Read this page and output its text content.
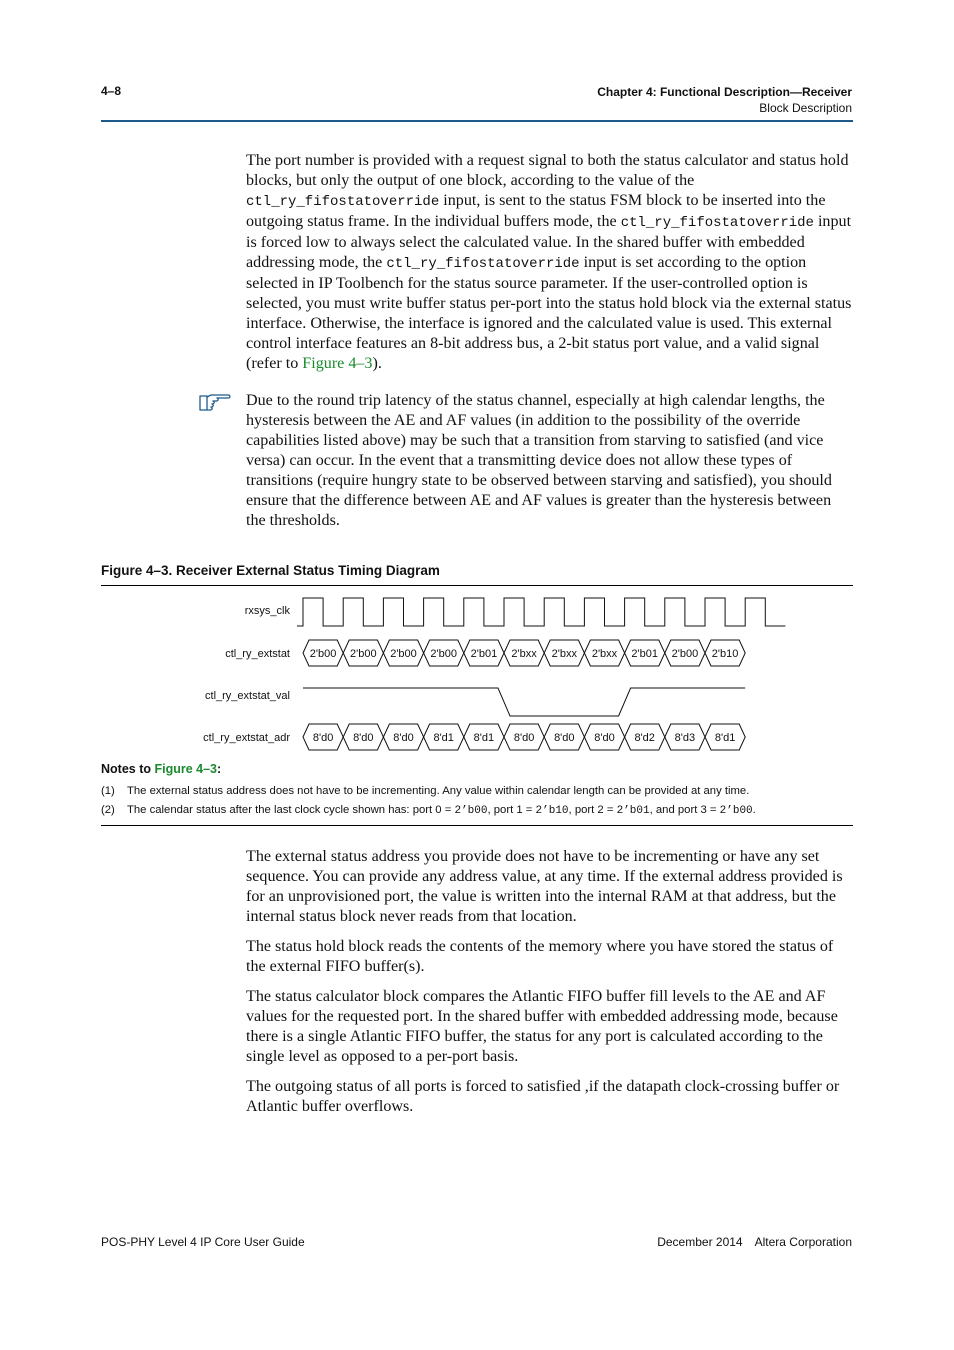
4–8	Chapter 4: Functional Description—Receiver
Block Description

The port number is provided with a request signal to both the status calculator and status hold blocks, but only the output of one block, according to the value of the ctl_ry_fifostatoverride input, is sent to the status FSM block to be inserted into the outgoing status frame. In the individual buffers mode, the ctl_ry_fifostatoverride input is forced low to always select the calculated value. In the shared buffer with embedded addressing mode, the ctl_ry_fifostatoverride input is set according to the option selected in IP Toolbench for the status source parameter. If the user-controlled option is selected, you must write buffer status per-port into the status hold block via the external status interface. Otherwise, the interface is ignored and the calculated value is used. This external control interface features an 8-bit address bus, a 2-bit status port value, and a valid signal (refer to Figure 4–3).

Due to the round trip latency of the status channel, especially at high calendar lengths, the hysteresis between the AE and AF values (in addition to the possibility of the override capabilities listed above) may be such that a transition from starving to satisfied (and vice versa) can occur. In the event that a transmitting device does not allow these types of transitions (require hungry state to be observed between starving and satisfied), you should ensure that the difference between AE and AF values is greater than the hysteresis between the thresholds.

Figure 4–3. Receiver External Status Timing Diagram
rxsys_clk
ctl_ry_extstat
ctl_ry_extstat_val
ctl_ry_extstat_adr
2'b00 2'b00 2'b00 2'b00 2'b01 2'bxx 2'bxx 2'bxx 2'b01 2'b00 2'b10
8'd0 8'd0 8'd0 8'd1 8'd1 8'd0 8'd0 8'd0 8'd2 8'd3 8'd1
Notes to Figure 4–3:
(1) The external status address does not have to be incrementing. Any value within calendar length can be provided at any time.
(2) The calendar status after the last clock cycle shown has: port 0 = 2’b00, port 1 = 2’b10, port 2 = 2’b01, and port 3 = 2’b00.

The external status address you provide does not have to be incrementing or have any set sequence. You can provide any address value, at any time. If the external address provided is for an unprovisioned port, the value is written into the internal RAM at that address, but the internal status block never reads from that location.

The status hold block reads the contents of the memory where you have stored the status of the external FIFO buffer(s).

The status calculator block compares the Atlantic FIFO buffer fill levels to the AE and AF values for the requested port. In the shared buffer with embedded addressing mode, because there is a single Atlantic FIFO buffer, the status for any port is calculated according to the single level as opposed to a per-port basis.

The outgoing status of all ports is forced to satisfied ,if the datapath clock-crossing buffer or Atlantic buffer overflows.

POS-PHY Level 4 IP Core User Guide	December 2014 Altera Corporation
